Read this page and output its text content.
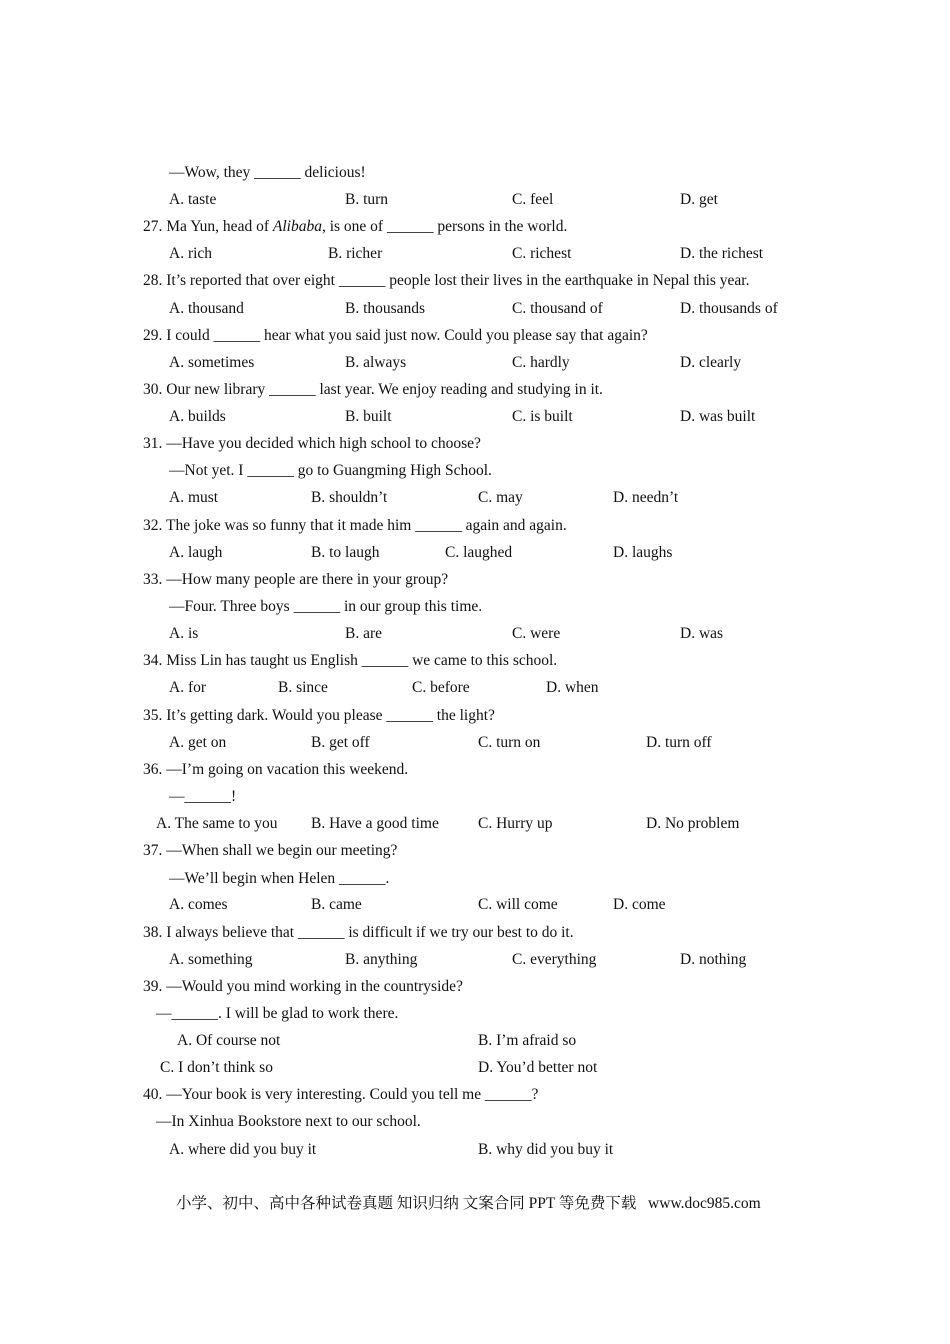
—Wow, they ______ delicious!
A. taste	B. turn	C. feel	D. get
27. Ma Yun, head of Alibaba, is one of ______ persons in the world.
A. rich	B. richer	C. richest	D. the richest
28. It’s reported that over eight ______ people lost their lives in the earthquake in Nepal this year.
A. thousand	B. thousands	C. thousand of	D. thousands of
29. I could ______ hear what you said just now. Could you please say that again?
A. sometimes	B. always	C. hardly	D. clearly
30. Our new library ______ last year. We enjoy reading and studying in it.
A. builds	B. built	C. is built	D. was built
31. —Have you decided which high school to choose?
—Not yet. I ______ go to Guangming High School.
A. must	B. shouldn’t	C. may	D. needn’t
32. The joke was so funny that it made him ______ again and again.
A. laugh	B. to laugh	C. laughed	D. laughs
33. —How many people are there in your group?
—Four. Three boys ______ in our group this time.
A. is	B. are	C. were	D. was
34. Miss Lin has taught us English ______ we came to this school.
A. for	B. since	C. before	D. when
35. It’s getting dark. Would you please ______ the light?
A. get on	B. get off	C. turn on	D. turn off
36. —I’m going on vacation this weekend.
—______!
A. The same to you B. Have a good time	C. Hurry up	D. No problem
37. —When shall we begin our meeting?
—We’ll begin when Helen ______.
A. comes	B. came	C. will come	D. come
38. I always believe that ______ is difficult if we try our best to do it.
A. something	B. anything	C. everything	D. nothing
39. —Would you mind working in the countryside?
—______. I will be glad to work there.
A. Of course not	B. I’m afraid so
C. I don’t think so	D. You’d better not
40. —Your book is very interesting. Could you tell me ______?
—In Xinhua Bookstore next to our school.
A. where did you buy it	B. why did you buy it
小学、初中、高中各种试卷真题 知识归纳 文案合同 PPT 等免费下载   www.doc985.com
